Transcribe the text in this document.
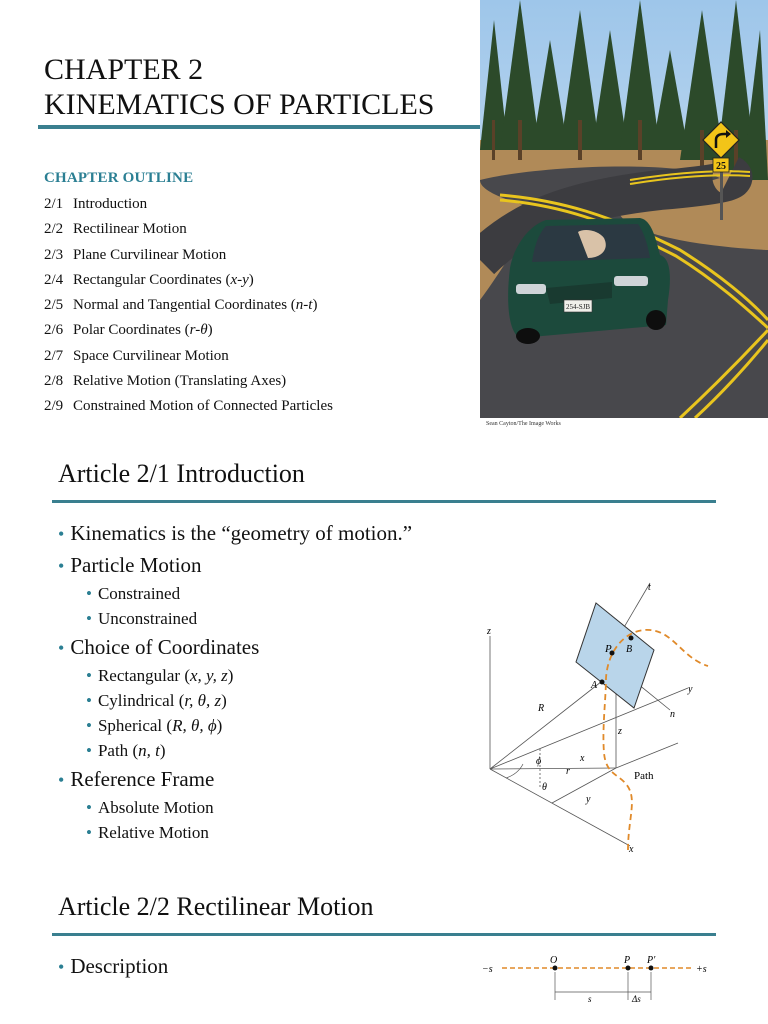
CHAPTER 2
KINEMATICS OF PARTICLES
CHAPTER OUTLINE
2/1 Introduction
2/2 Rectilinear Motion
2/3 Plane Curvilinear Motion
2/4 Rectangular Coordinates (x-y)
2/5 Normal and Tangential Coordinates (n-t)
2/6 Polar Coordinates (r-θ)
2/7 Space Curvilinear Motion
2/8 Relative Motion (Translating Axes)
2/9 Constrained Motion of Connected Particles
25
254-SJB
Sean Cayton/The Image Works
Article 2/1 Introduction
• Kinematics is the “geometry of motion.”
• Particle Motion
• Constrained
• Unconstrained
• Choice of Coordinates
• Rectangular (x, y, z)
• Cylindrical (r, θ, z)
• Spherical (R, θ, ϕ)
• Path (n, t)
• Reference Frame
• Absolute Motion
• Relative Motion
z
y
x
t
n
P
A
B
R
ϕ
θ
r
x
y
z
Path
Article 2/2 Rectilinear Motion
• Description	−s
O	P P′
+s
s	Δs
